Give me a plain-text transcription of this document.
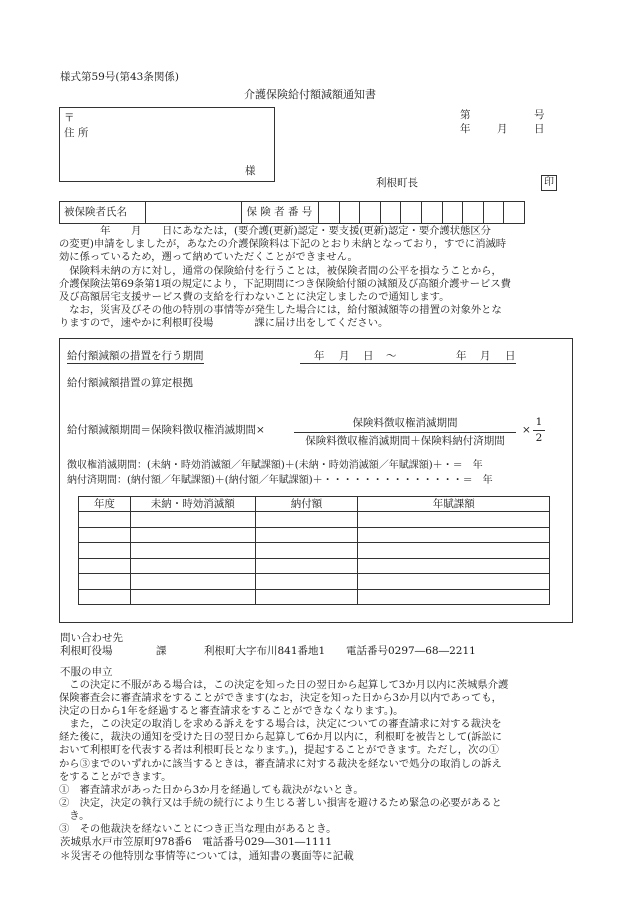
様式第59号(第43条関係)
介護保険給付額減額通知書
〒
住 所
様
第	号
年	月	日
利根町長	印
被保険者氏名		保 険 者 番 号										
　　　　年　　月　　日にあなたは，(要介護(更新)認定・要支援(更新)認定・要介護状態区分
の変更)申請をしましたが，あなたの介護保険料は下記のとおり未納となっており，すでに消滅時
効に係っているため，遡って納めていただくことができません。
　保険料未納の方に対し，通常の保険給付を行うことは，被保険者間の公平を損なうことから，
介護保険法第69条第1項の規定により，下記期間につき保険給付額の減額及び高額介護サービス費
及び高額居宅支援サービス費の支給を行わないことに決定しましたので通知します。
　なお，災害及びその他の特別の事情等が発生した場合には，給付額減額等の措置の対象外とな
りますので，速やかに利根町役場　　　　課に届け出をしてください。
給付額減額の措置を行う期間	年 月 日 ～	年 月 日
給付額減額措置の算定根拠
給付額減額期間＝保険料徴収権消滅期間×
保険料徴収権消滅期間
保険料徴収権消滅期間＋保険料納付済期間
× $\frac{1}{2}$
徴収権消滅期間：(未納・時効消滅額／年賦課額)＋(未納・時効消滅額／年賦課額)＋・＝　年
納付済期間：(納付額／年賦課額)＋(納付額／年賦課額)＋・・・・・・・・・・・・・・＝　年
年度	未納・時効消滅額	納付額	年賦課額

問い合わせ先
利根町役場	課	利根町大字布川841番地1 電話番号0297―68―2211
不服の申立
　この決定に不服がある場合は，この決定を知った日の翌日から起算して3か月以内に茨城県介護
保険審査会に審査請求をすることができます(なお，決定を知った日から3か月以内であっても，
決定の日から1年を経過すると審査請求をすることができなくなります。)。
　また，この決定の取消しを求める訴えをする場合は，決定についての審査請求に対する裁決を
経た後に，裁決の通知を受けた日の翌日から起算して6か月以内に，利根町を被告として(訴訟に
おいて利根町を代表する者は利根町長となります。)，提起することができます。ただし，次の①
から③までのいずれかに該当するときは，審査請求に対する裁決を経ないで処分の取消しの訴え
をすることができます。
①　審査請求があった日から3か月を経過しても裁決がないとき。
②　決定，決定の執行又は手続の続行により生じる著しい損害を避けるため緊急の必要があると
　き。
③　その他裁決を経ないことにつき正当な理由があるとき。
茨城県水戸市笠原町978番6　電話番号029―301―1111
＊災害その他特別な事情等については，通知書の裏面等に記載
